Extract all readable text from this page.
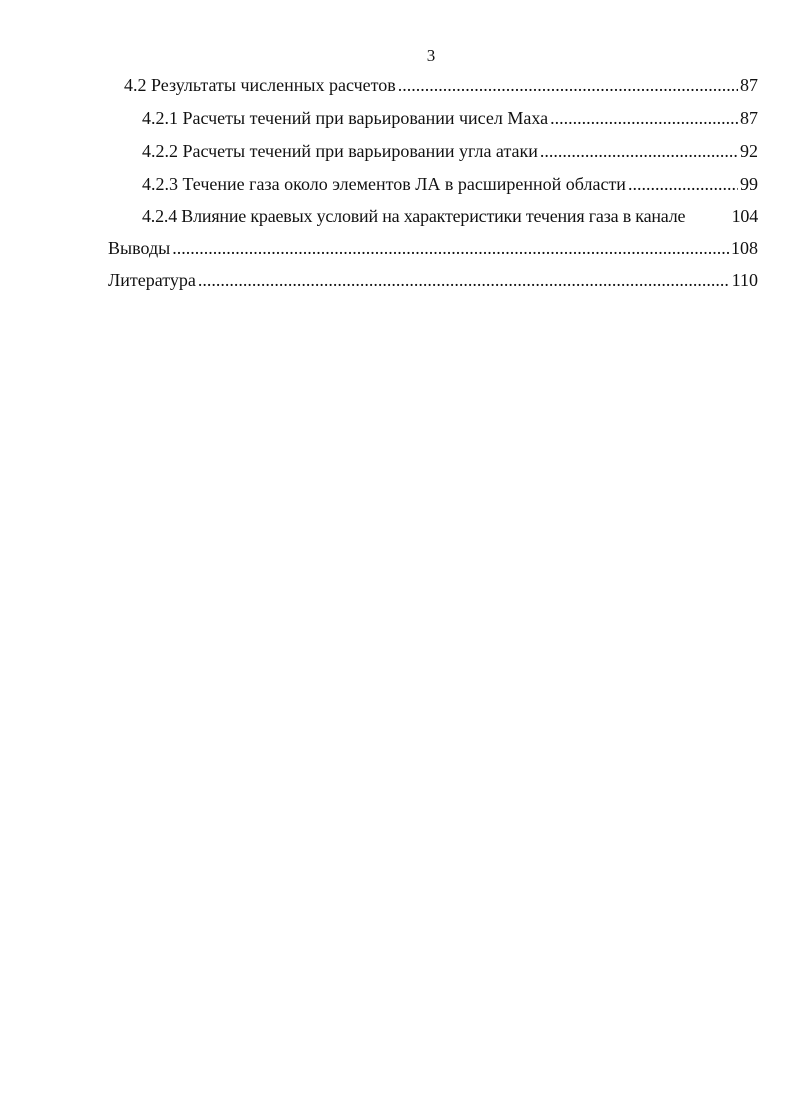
3
4.2 Результаты численных расчетов .....	87
4.2.1 Расчеты течений при варьировании чисел Маха .....	87
4.2.2 Расчеты течений при варьировании угла атаки .....	92
4.2.3 Течение газа около элементов ЛА в расширенной области .....	99
4.2.4 Влияние краевых условий на характеристики течения газа в канале	104
Выводы .....	108
Литература .....	110
